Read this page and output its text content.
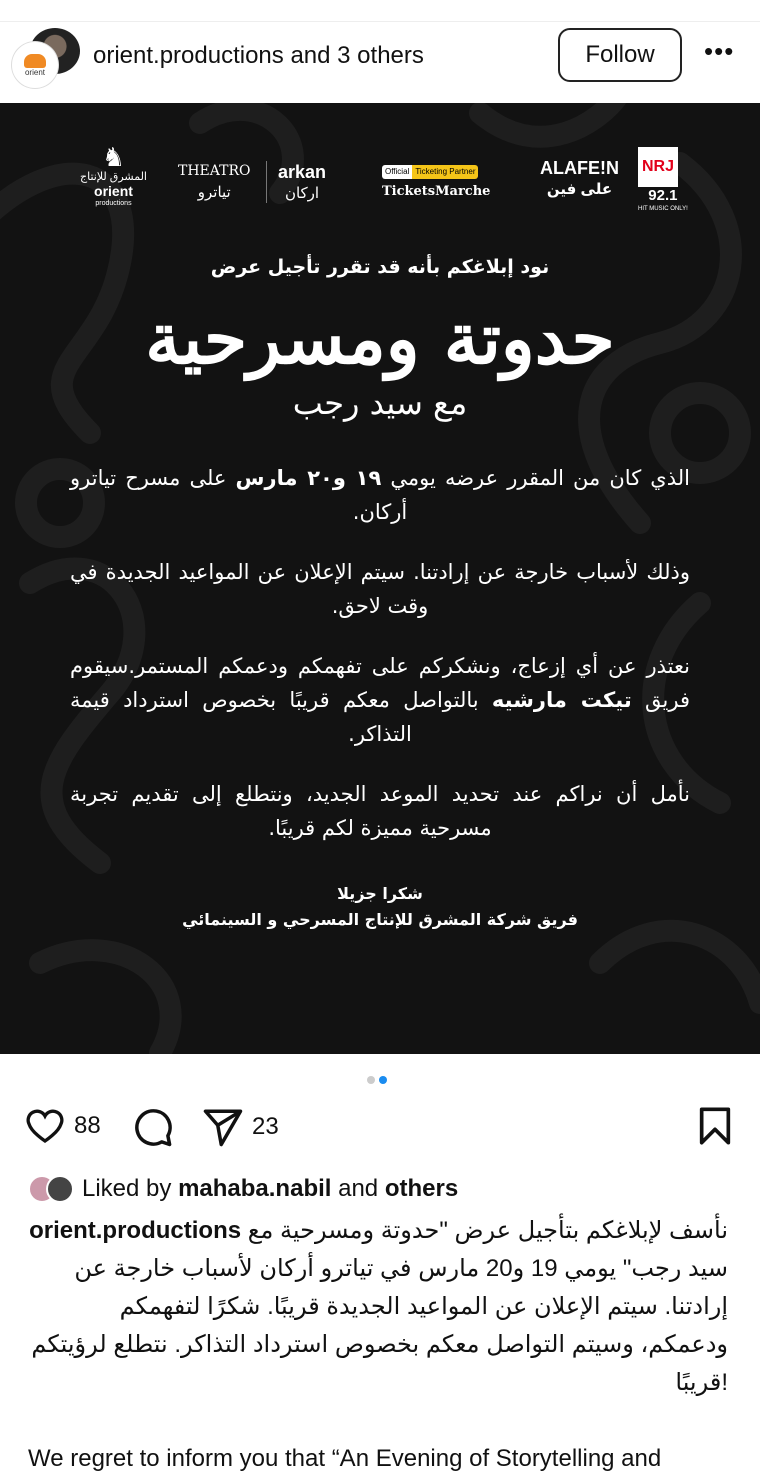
orient
orient.productions and 3 others	Follow	•••
♞
المشرق للإنتاج
orient
productions
THEATRO
تياترو
arkan
اركان
Official Ticketing Partner
TicketsMarche
ALAFE!N
على فين
NRJ
92.1
HIT MUSIC ONLY!
نود إبلاغكم بأنه قد تقرر تأجيل عرض
حدوتة ومسرحية
مع سيد رجب
الذي كان من المقرر عرضه يومي ١٩ و٢٠ مارس على مسرح تياترو أركان.
وذلك لأسباب خارجة عن إرادتنا. سيتم الإعلان عن المواعيد الجديدة في وقت لاحق.
نعتذر عن أي إزعاج، ونشكركم على تفهمكم ودعمكم المستمر.سيقوم فريق تيكت مارشيه بالتواصل معكم قريبًا بخصوص استرداد قيمة التذاكر.
نأمل أن نراكم عند تحديد الموعد الجديد، ونتطلع إلى تقديم تجربة مسرحية مميزة لكم قريبًا.
شكرا جزيلا
فريق شركة المشرق للإنتاج المسرحي و السينمائي
88	23
Liked by
mahaba.nabil
and
others
orient.productions نأسف لإبلاغكم بتأجيل عرض "حدوتة ومسرحية مع سيد رجب" يومي 19 و20 مارس في تياترو أركان لأسباب خارجة عن إرادتنا. سيتم الإعلان عن المواعيد الجديدة قريبًا. شكرًا لتفهمكم ودعمكم، وسيتم التواصل معكم بخصوص استرداد التذاكر. نتطلع لرؤيتكم قريبًا!
We regret to inform you that “An Evening of Storytelling and
